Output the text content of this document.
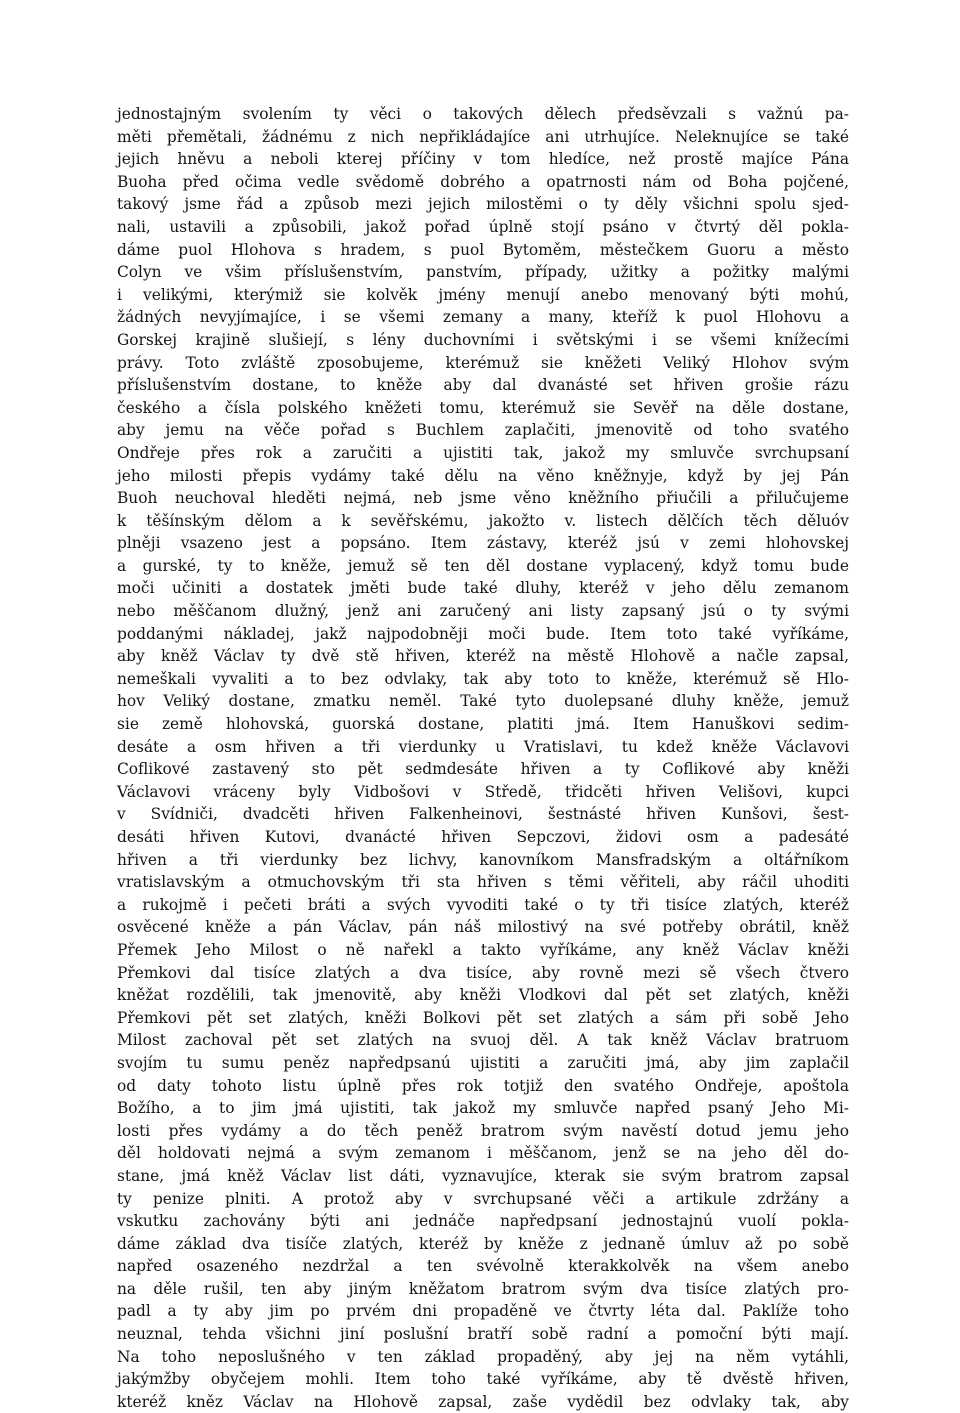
jednostajným svolením ty věci o takových dělech předsěvzali s važnú pa-
měti přemětali, žádnému z nich nepřikládajíce ani utrhujíce. Neleknujíce se také
jejich hněvu a neboli kterej příčiny v tom hledíce, než prostě majíce Pána
Buoha před očima vedle svědomě dobrého a opatrnosti nám od Boha pojčené,
takový jsme řád a způsob mezi jejich milostěmi o ty děly všichni spolu sjed-
nali, ustavili a způsobili, jakož pořad úplně stojí psáno v čtvrtý děl pokla-
dáme puol Hlohova s hradem, s puol Bytoměm, městečkem Guoru a město
Colyn ve všim příslušenstvím, panstvím, případy, užitky a požitky malými
i velikými, kterýmiž sie kolvěk jmény menují anebo menovaný býti mohú,
žádných nevyjímajíce, i se všemi zemany a many, kteříž k puol Hlohovu a
Gorskej krajině slušiejí, s lény duchovními i světskými i se všemi knížecími
právy. Toto zvláště zposobujeme, kterémuž sie kněžeti Veliký Hlohov svým
příslušenstvím dostane, to kněže aby dal dvanásté set hřiven grošie rázu
českého a čísla polského kněžeti tomu, kterémuž sie Sevěř na děle dostane,
aby jemu na věče pořad s Buchlem zaplačiti, jmenovitě od toho svatého
Ondřeje přes rok a zaručiti a ujistiti tak, jakož my smluvče svrchupsaní
jeho milosti přepis vydámy také dělu na věno kněžnyje, když by jej Pán
Buoh neuchoval hleděti nejmá, neb jsme věno kněžního přiučili a přilučujeme
k těšínským dělom a k sevěřskému, jakožto v. listech dělčích těch děluóv
plněji vsazeno jest a popsáno. Item zástavy, kteréž jsú v zemi hlohovskej
a gurské, ty to kněže, jemuž sě ten děl dostane vyplacený, když tomu bude
moči učiniti a dostatek jměti bude také dluhy, kteréž v jeho dělu zemanom
nebo měščanom dlužný, jenž ani zaručený ani listy zapsaný jsú o ty svými
poddanými nákladej, jakž najpodobněji moči bude. Item toto také vyříkáme,
aby kněž Václav ty dvě stě hřiven, kteréž na městě Hlohově a načle zapsal,
nemeškali vyvaliti a to bez odvlaky, tak aby toto to kněže, kterémuž sě Hlo-
hov Veliký dostane, zmatku neměl. Také tyto duolepsané dluhy kněže, jemuž
sie země hlohovská, guorská dostane, platiti jmá. Item Hanuškovi sedim-
desáte a osm hřiven a tři vierdunky u Vratislavi, tu kdež kněže Václavovi
Coflikové zastavený sto pět sedmdesáte hřiven a ty Coflikové aby kněži
Václavovi vráceny byly Vidbošovi v Středě, třidcěti hřiven Velišovi, kupci
v Svídniči, dvadcěti hřiven Falkenheinovi, šestnásté hřiven Kunšovi, šest-
desáti hřiven Kutovi, dvanácté hřiven Sepczovi, židovi osm a padesáté
hřiven a tři vierdunky bez lichvy, kanovníkom Mansfradským a oltářníkom
vratislavským a otmuchovským tři sta hřiven s těmi věřiteli, aby ráčil uhoditi
a rukojmě i pečeti bráti a svých vyvoditi také o ty tři tisíce zlatých, kteréž
osvěcené kněže a pán Václav, pán náš milostivý na své potřeby obrátil, kněž
Přemek Jeho Milost o ně nařekl a takto vyříkáme, any kněž Václav kněži
Přemkovi dal tisíce zlatých a dva tisíce, aby rovně mezi sě všech čtvero
kněžat rozdělili, tak jmenovitě, aby kněži Vlodkovi dal pět set zlatých, kněži
Přemkovi pět set zlatých, kněži Bolkovi pět set zlatých a sám při sobě Jeho
Milost zachoval pět set zlatých na svuoj děl. A tak kněž Václav bratruom
svojím tu sumu peněz napředpsanú ujistiti a zaručiti jmá, aby jim zaplačil
od daty tohoto listu úplně přes rok totjiž den svatého Ondřeje, apoštola
Božího, a to jim jmá ujistiti, tak jakož my smluvče napřed psaný Jeho Mi-
losti přes vydámy a do těch peněž bratrom svým navěstí dotud jemu jeho
děl holdovati nejmá a svým zemanom i měščanom, jenž se na jeho děl do-
stane, jmá kněž Václav list dáti, vyznavujíce, kterak sie svým bratrom zapsal
ty penize plniti. A protož aby v svrchupsané věči a artikule zdržány a
vskutku zachovány býti ani jednáče napředpsaní jednostajnú vuolí pokla-
dáme základ dva tisíče zlatých, kteréž by kněže z jednaně úmluv až po sobě
napřed osazeného nezdržal a ten svévolně kterakkolvěk na všem anebo
na děle rušil, ten aby jiným kněžatom bratrom svým dva tisíce zlatých pro-
padl a ty aby jim po prvém dni propaděně ve čtvrty léta dal. Paklíže toho
neuznal, tehda všichni jiní poslušní bratří sobě radní a pomoční býti mají.
Na toho neposlušného v ten základ propaděný, aby jej na něm vytáhli,
jakýmžby obyčejem mohli. Item toho také vyříkáme, aby tě dvěstě hřiven,
kteréž kněz Václav na Hlohově zapsal, zaše vydědil bez odvlaky tak, aby
